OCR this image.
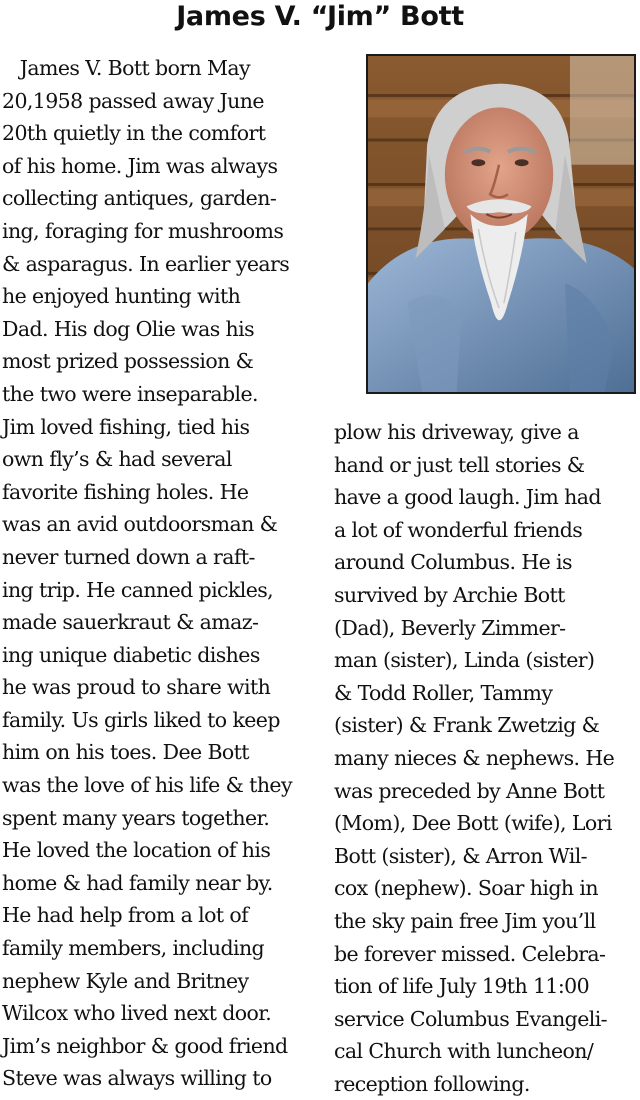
James V. “Jim” Bott
James V. Bott born May
20,1958 passed away June
20th quietly in the comfort
of his home. Jim was always
collecting antiques, garden-
ing, foraging for mushrooms
& asparagus. In earlier years
he enjoyed hunting with
Dad. His dog Olie was his
most prized possession &
the two were inseparable.
Jim loved fishing, tied his
own fly’s & had several
favorite fishing holes. He
was an avid outdoorsman &
never turned down a raft-
ing trip. He canned pickles,
made sauerkraut & amaz-
ing unique diabetic dishes
he was proud to share with
family. Us girls liked to keep
him on his toes. Dee Bott
was the love of his life & they
spent many years together.
He loved the location of his
home & had family near by.
He had help from a lot of
family members, including
nephew Kyle and Britney
Wilcox who lived next door.
Jim’s neighbor & good friend
Steve was always willing to
plow his driveway, give a
hand or just tell stories &
have a good laugh. Jim had
a lot of wonderful friends
around Columbus. He is
survived by Archie Bott
(Dad), Beverly Zimmer-
man (sister), Linda (sister)
& Todd Roller, Tammy
(sister) & Frank Zwetzig &
many nieces & nephews. He
was preceded by Anne Bott
(Mom), Dee Bott (wife), Lori
Bott (sister), & Arron Wil-
cox (nephew). Soar high in
the sky pain free Jim you’ll
be forever missed. Celebra-
tion of life July 19th 11:00
service Columbus Evangeli-
cal Church with luncheon/
reception following.
